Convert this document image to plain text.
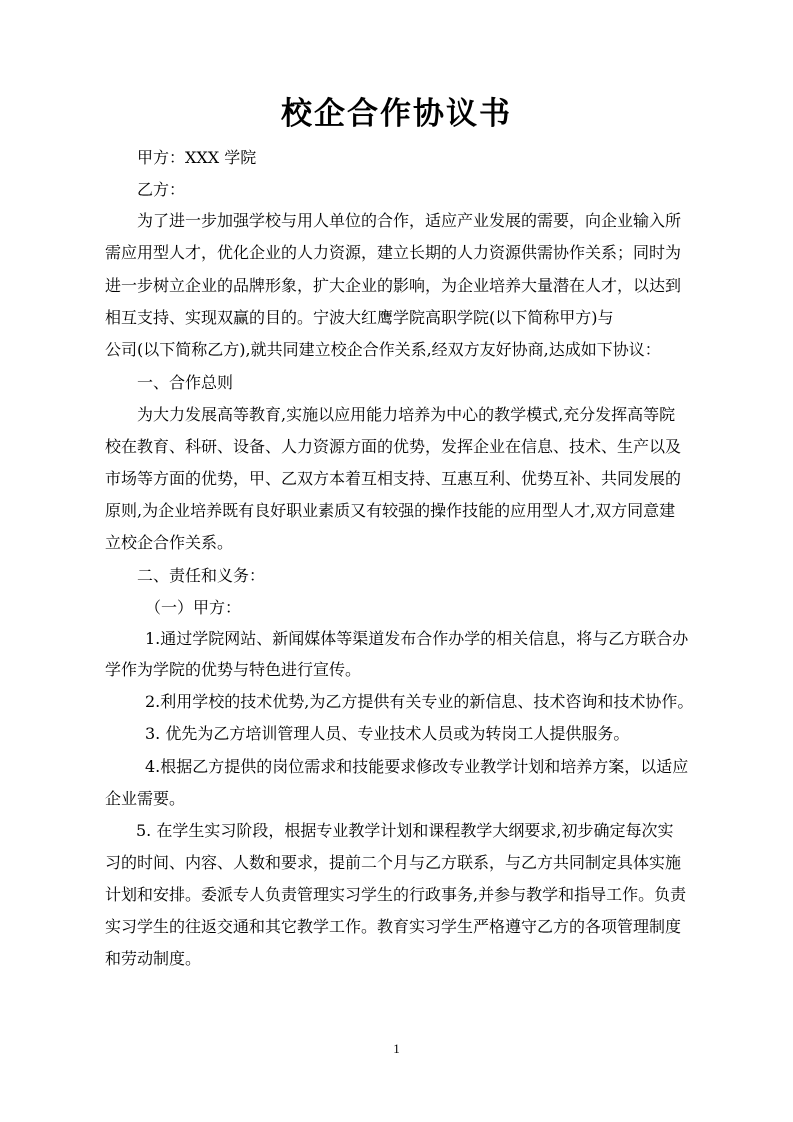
校企合作协议书
甲方：XXX 学院
乙方：
为了进一步加强学校与用人单位的合作，适应产业发展的需要，向企业输入所
需应用型人才，优化企业的人力资源，建立长期的人力资源供需协作关系；同时为
进一步树立企业的品牌形象，扩大企业的影响，为企业培养大量潜在人才，以达到
相互支持、实现双赢的目的。宁波大红鹰学院高职学院(以下简称甲方)与
公司(以下简称乙方),就共同建立校企合作关系,经双方友好协商,达成如下协议：
一、合作总则
为大力发展高等教育,实施以应用能力培养为中心的教学模式,充分发挥高等院
校在教育、科研、设备、人力资源方面的优势，发挥企业在信息、技术、生产以及
市场等方面的优势，甲、乙双方本着互相支持、互惠互利、优势互补、共同发展的
原则,为企业培养既有良好职业素质又有较强的操作技能的应用型人才,双方同意建
立校企合作关系。
二、责任和义务：
（一）甲方：
1.通过学院网站、新闻媒体等渠道发布合作办学的相关信息，将与乙方联合办
学作为学院的优势与特色进行宣传。
2.利用学校的技术优势,为乙方提供有关专业的新信息、技术咨询和技术协作。
3. 优先为乙方培训管理人员、专业技术人员或为转岗工人提供服务。
4.根据乙方提供的岗位需求和技能要求修改专业教学计划和培养方案，以适应
企业需要。
5. 在学生实习阶段，根据专业教学计划和课程教学大纲要求,初步确定每次实
习的时间、内容、人数和要求，提前二个月与乙方联系，与乙方共同制定具体实施
计划和安排。委派专人负责管理实习学生的行政事务,并参与教学和指导工作。负责
实习学生的往返交通和其它教学工作。教育实习学生严格遵守乙方的各项管理制度
和劳动制度。
1
